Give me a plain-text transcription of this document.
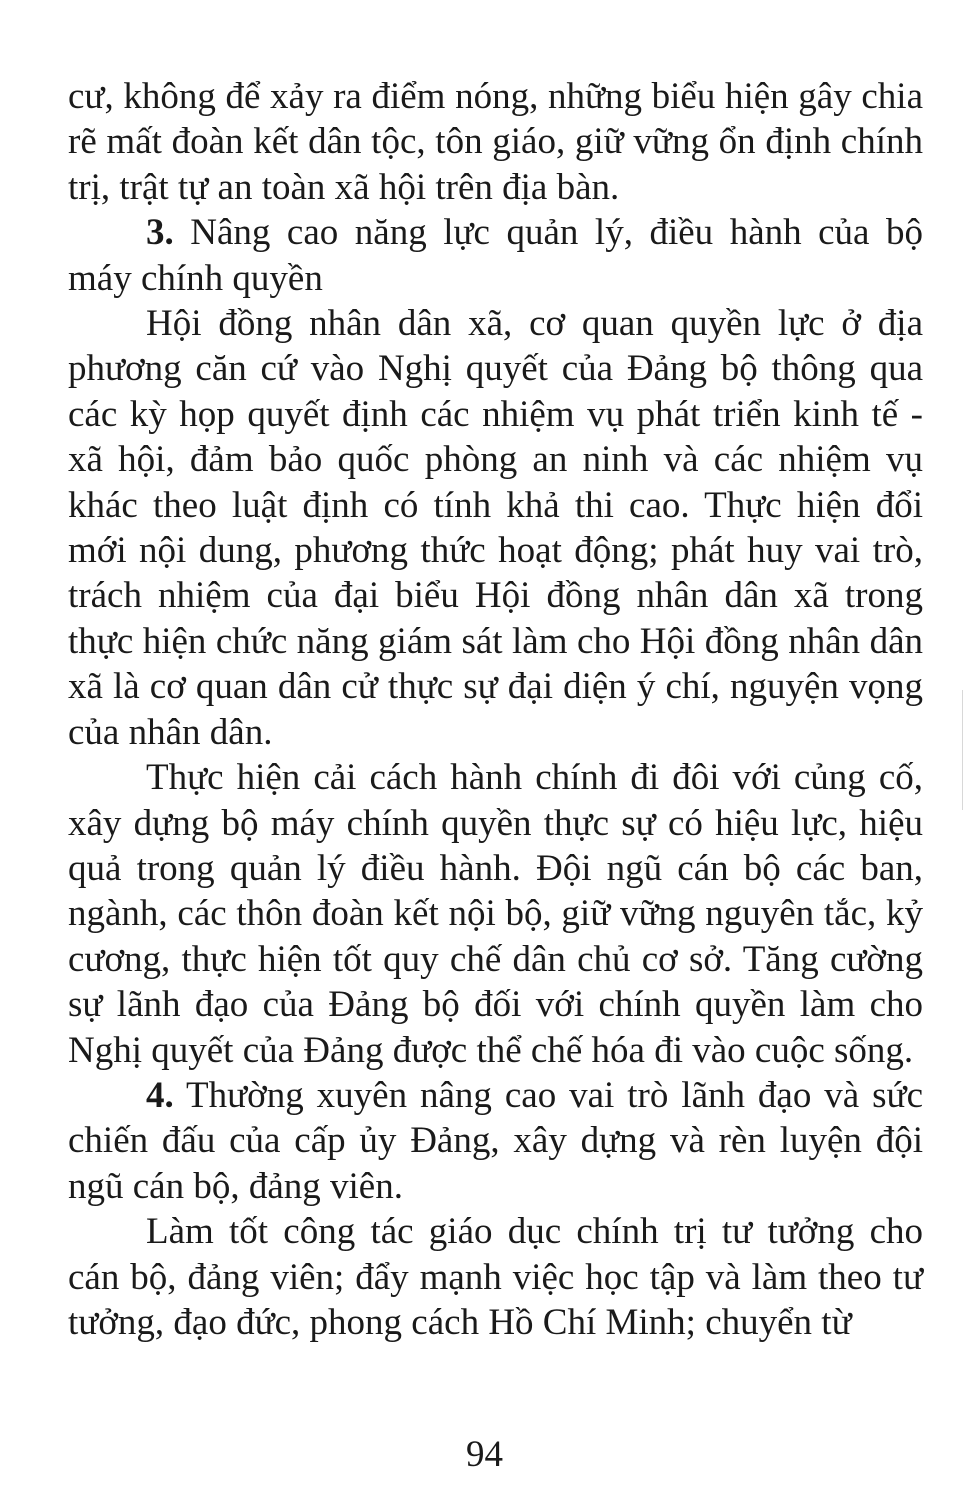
cư, không để xảy ra điểm nóng, những biểu hiện gây chia rẽ mất đoàn kết dân tộc, tôn giáo, giữ vững ổn định chính trị, trật tự an toàn xã hội trên địa bàn.

3. Nâng cao năng lực quản lý, điều hành của bộ máy chính quyền

Hội đồng nhân dân xã, cơ quan quyền lực ở địa phương căn cứ vào Nghị quyết của Đảng bộ thông qua các kỳ họp quyết định các nhiệm vụ phát triển kinh tế - xã hội, đảm bảo quốc phòng an ninh và các nhiệm vụ khác theo luật định có tính khả thi cao. Thực hiện đổi mới nội dung, phương thức hoạt động; phát huy vai trò, trách nhiệm của đại biểu Hội đồng nhân dân xã trong thực hiện chức năng giám sát làm cho Hội đồng nhân dân xã là cơ quan dân cử thực sự đại diện ý chí, nguyện vọng của nhân dân.

Thực hiện cải cách hành chính đi đôi với củng cố, xây dựng bộ máy chính quyền thực sự có hiệu lực, hiệu quả trong quản lý điều hành. Đội ngũ cán bộ các ban, ngành, các thôn đoàn kết nội bộ, giữ vững nguyên tắc, kỷ cương, thực hiện tốt quy chế dân chủ cơ sở. Tăng cường sự lãnh đạo của Đảng bộ đối với chính quyền làm cho Nghị quyết của Đảng được thể chế hóa đi vào cuộc sống.

4. Thường xuyên nâng cao vai trò lãnh đạo và sức chiến đấu của cấp ủy Đảng, xây dựng và rèn luyện đội ngũ cán bộ, đảng viên.

Làm tốt công tác giáo dục chính trị tư tưởng cho cán bộ, đảng viên; đẩy mạnh việc học tập và làm theo tư tưởng, đạo đức, phong cách Hồ Chí Minh; chuyển từ

94
